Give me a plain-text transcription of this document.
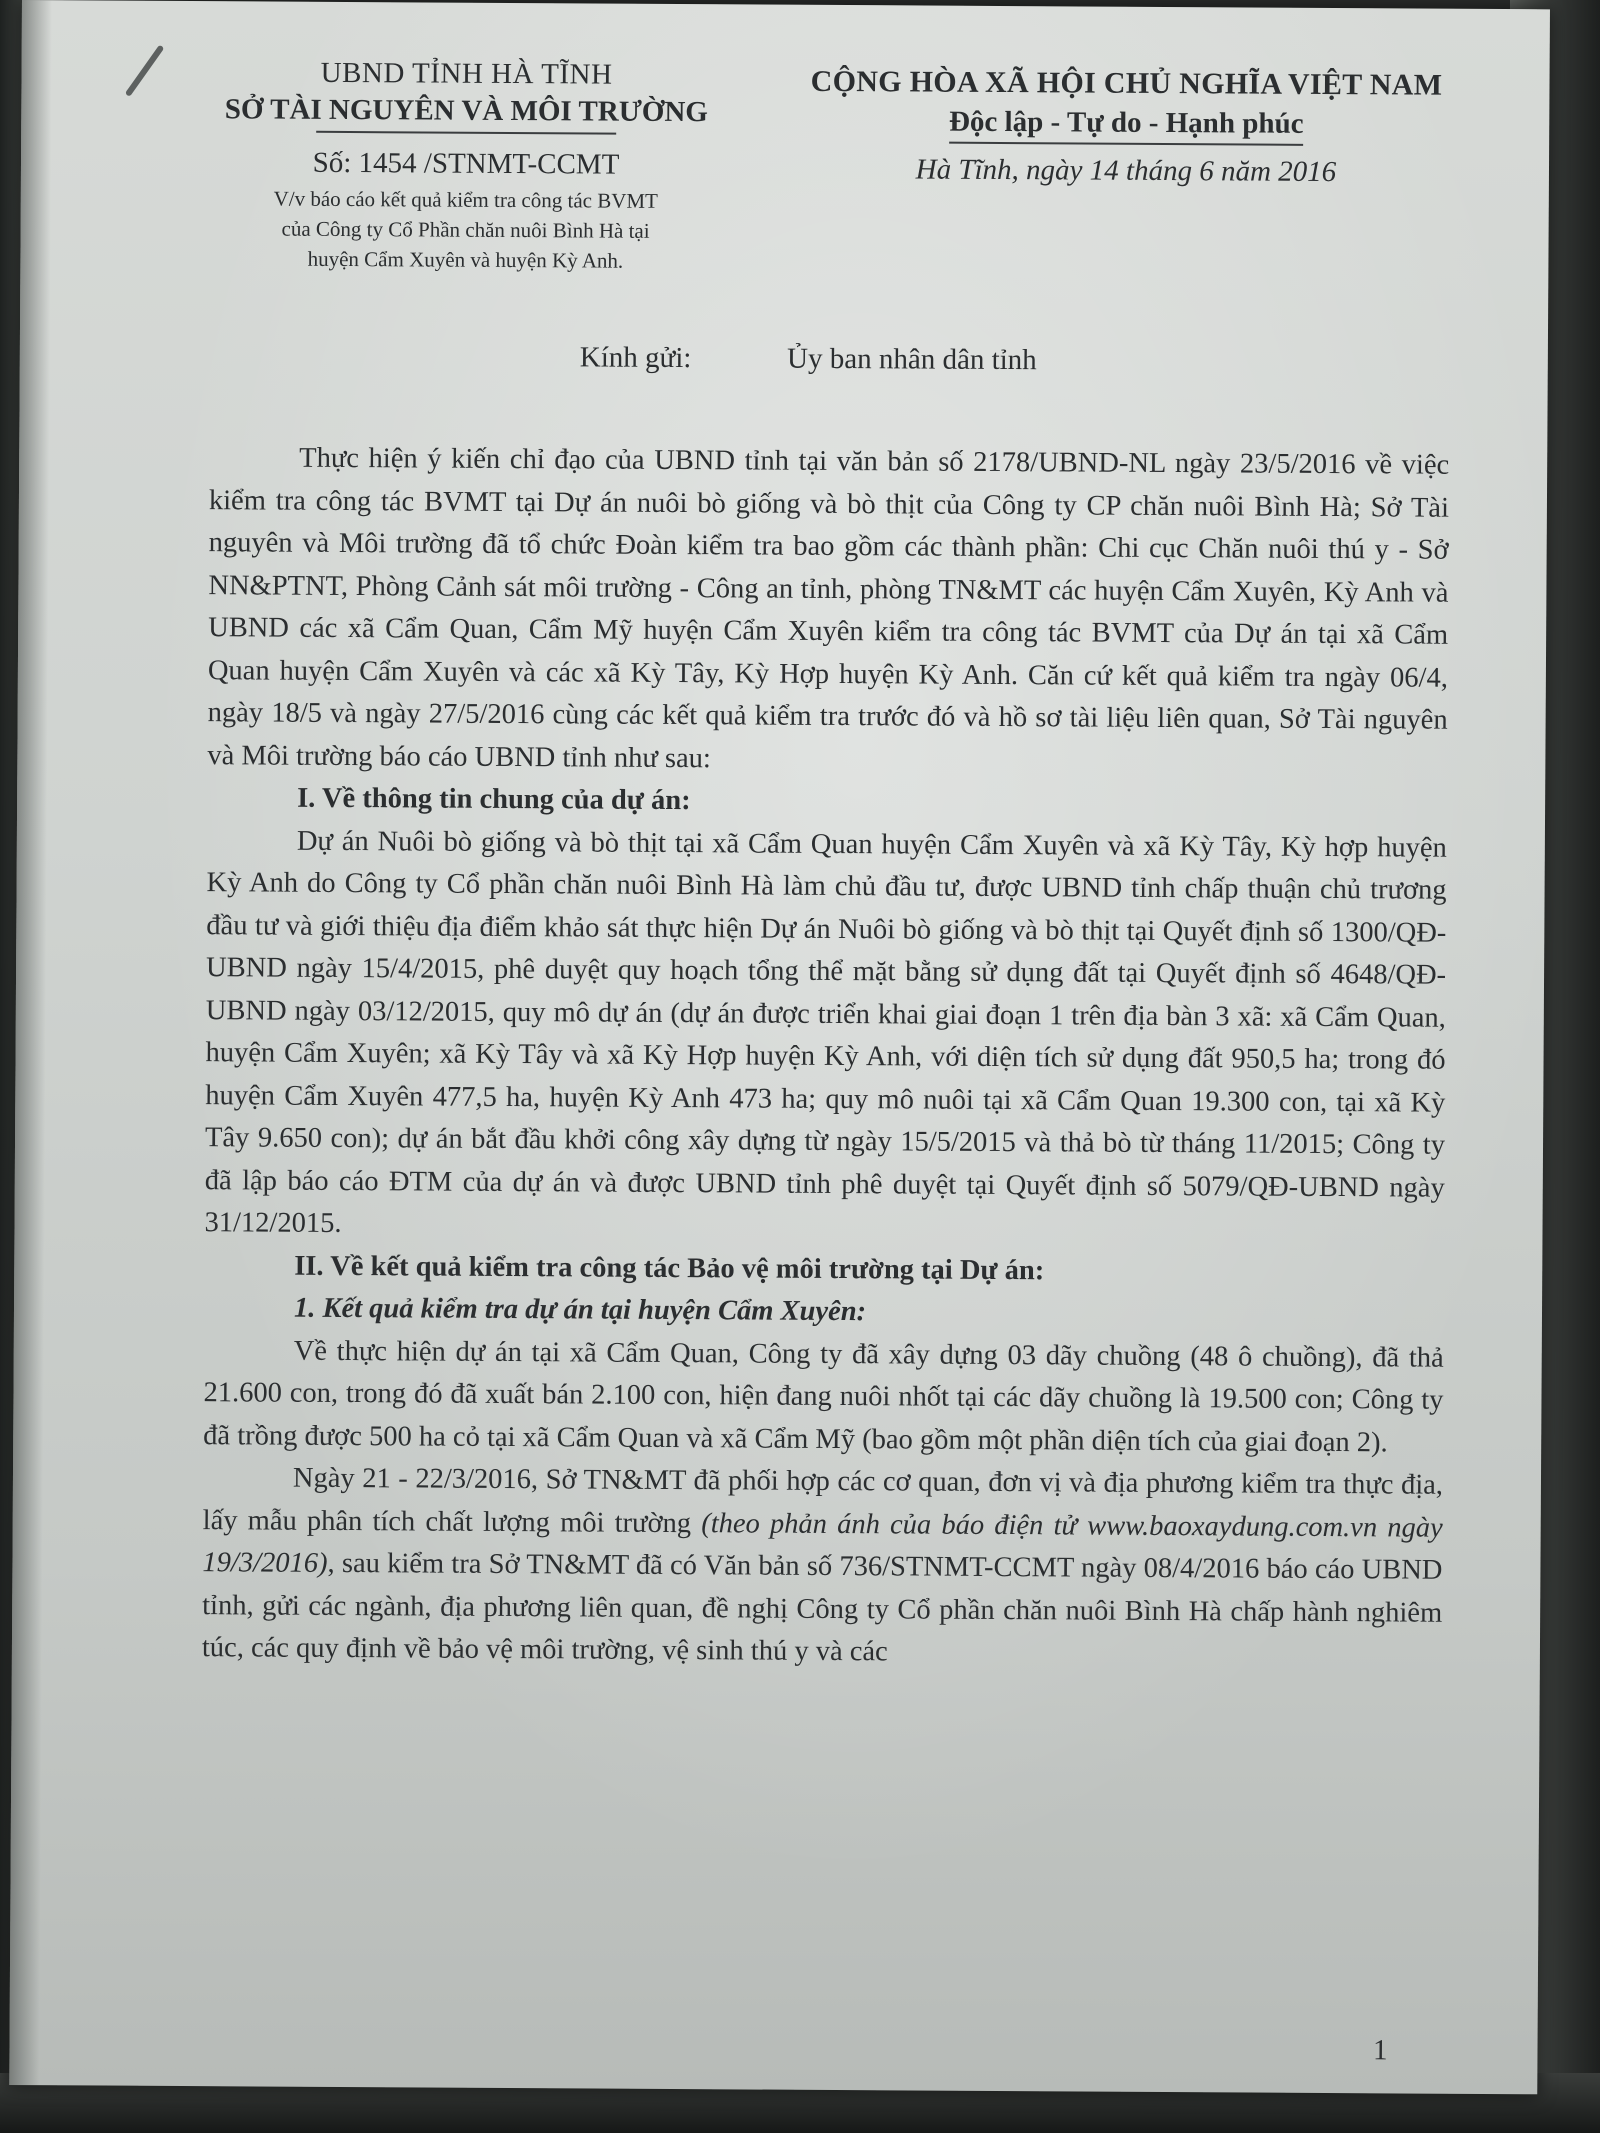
UBND TỈNH HÀ TĨNH
SỞ TÀI NGUYÊN VÀ MÔI TRƯỜNG
Số: 1454 /STNMT-CCMT
V/v báo cáo kết quả kiểm tra công tác BVMT
của Công ty Cổ Phần chăn nuôi Bình Hà tại
huyện Cẩm Xuyên và huyện Kỳ Anh.
CỘNG HÒA XÃ HỘI CHỦ NGHĨA VIỆT NAM
Độc lập - Tự do - Hạnh phúc
Hà Tĩnh, ngày 14 tháng 6 năm 2016
Kính gửi:	Ủy ban nhân dân tỉnh

Thực hiện ý kiến chỉ đạo của UBND tỉnh tại văn bản số 2178/UBND-NL ngày 23/5/2016 về việc kiểm tra công tác BVMT tại Dự án nuôi bò giống và bò thịt của Công ty CP chăn nuôi Bình Hà; Sở Tài nguyên và Môi trường đã tổ chức Đoàn kiểm tra bao gồm các thành phần: Chi cục Chăn nuôi thú y - Sở NN&PTNT, Phòng Cảnh sát môi trường - Công an tỉnh, phòng TN&MT các huyện Cẩm Xuyên, Kỳ Anh và UBND các xã Cẩm Quan, Cẩm Mỹ huyện Cẩm Xuyên kiểm tra công tác BVMT của Dự án tại xã Cẩm Quan huyện Cẩm Xuyên và các xã Kỳ Tây, Kỳ Hợp huyện Kỳ Anh. Căn cứ kết quả kiểm tra ngày 06/4, ngày 18/5 và ngày 27/5/2016 cùng các kết quả kiểm tra trước đó và hồ sơ tài liệu liên quan, Sở Tài nguyên và Môi trường báo cáo UBND tỉnh như sau:

I. Về thông tin chung của dự án:

Dự án Nuôi bò giống và bò thịt tại xã Cẩm Quan huyện Cẩm Xuyên và xã Kỳ Tây, Kỳ hợp huyện Kỳ Anh do Công ty Cổ phần chăn nuôi Bình Hà làm chủ đầu tư, được UBND tỉnh chấp thuận chủ trương đầu tư và giới thiệu địa điểm khảo sát thực hiện Dự án Nuôi bò giống và bò thịt tại Quyết định số 1300/QĐ-UBND ngày 15/4/2015, phê duyệt quy hoạch tổng thể mặt bằng sử dụng đất tại Quyết định số 4648/QĐ-UBND ngày 03/12/2015, quy mô dự án (dự án được triển khai giai đoạn 1 trên địa bàn 3 xã: xã Cẩm Quan, huyện Cẩm Xuyên; xã Kỳ Tây và xã Kỳ Hợp huyện Kỳ Anh, với diện tích sử dụng đất 950,5 ha; trong đó huyện Cẩm Xuyên 477,5 ha, huyện Kỳ Anh 473 ha; quy mô nuôi tại xã Cẩm Quan 19.300 con, tại xã Kỳ Tây 9.650 con); dự án bắt đầu khởi công xây dựng từ ngày 15/5/2015 và thả bò từ tháng 11/2015; Công ty đã lập báo cáo ĐTM của dự án và được UBND tỉnh phê duyệt tại Quyết định số 5079/QĐ-UBND ngày 31/12/2015.

II. Về kết quả kiểm tra công tác Bảo vệ môi trường tại Dự án:

1. Kết quả kiểm tra dự án tại huyện Cẩm Xuyên:

Về thực hiện dự án tại xã Cẩm Quan, Công ty đã xây dựng 03 dãy chuồng (48 ô chuồng), đã thả 21.600 con, trong đó đã xuất bán 2.100 con, hiện đang nuôi nhốt tại các dãy chuồng là 19.500 con; Công ty đã trồng được 500 ha cỏ tại xã Cẩm Quan và xã Cẩm Mỹ (bao gồm một phần diện tích của giai đoạn 2).

Ngày 21 - 22/3/2016, Sở TN&MT đã phối hợp các cơ quan, đơn vị và địa phương kiểm tra thực địa, lấy mẫu phân tích chất lượng môi trường (theo phản ánh của báo điện tử www.baoxaydung.com.vn ngày 19/3/2016), sau kiểm tra Sở TN&MT đã có Văn bản số 736/STNMT-CCMT ngày 08/4/2016 báo cáo UBND tỉnh, gửi các ngành, địa phương liên quan, đề nghị Công ty Cổ phần chăn nuôi Bình Hà chấp hành nghiêm túc, các quy định về bảo vệ môi trường, vệ sinh thú y và các

1
